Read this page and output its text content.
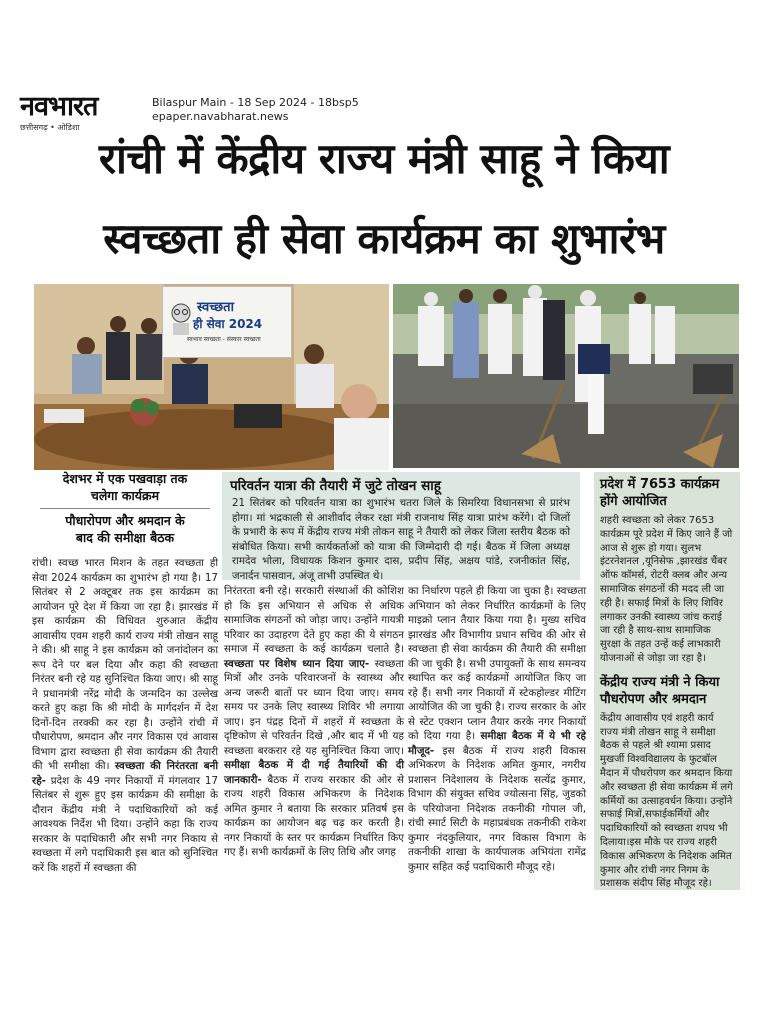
नवभारत
छत्तीसगढ़ • ओडिशा
Bilaspur Main - 18 Sep 2024 - 18bsp5
epaper.navabharat.news
रांची में केंद्रीय राज्य मंत्री साहू ने किया
स्वच्छता ही सेवा कार्यक्रम का शुभारंभ
स्वच्छता
ही सेवा 2024
स्वभाव स्वच्छता - संस्कार स्वच्छता
देशभर में एक पखवाड़ा तक
चलेगा कार्यक्रम
पौधारोपण और श्रमदान के
बाद की समीक्षा बैठक
रांची। स्वच्छ भारत मिशन के तहत स्वच्छता ही सेवा 2024 कार्यक्रम का शुभारंभ हो गया है। 17 सितंबर से 2 अक्टूबर तक इस कार्यक्रम का आयोजन पूरे देश में किया जा रहा है। झारखंड में इस कार्यक्रम की विधिवत शुरुआत केंद्रीय आवासीय एवम शहरी कार्य राज्य मंत्री तोखन साहू ने की। श्री साहू ने इस कार्यक्रम को जनांदोलन का रूप देने पर बल दिया और कहा की स्वच्छता निरंतर बनी रहे यह सुनिश्चित किया जाए। श्री साहू ने प्रधानमंत्री नरेंद्र मोदी के जन्मदिन का उल्लेख करते हुए कहा कि श्री मोदी के मार्गदर्शन में देश दिनों-दिन तरक्की कर रहा है। उन्होंने रांची में पौधारोपण, श्रमदान और नगर विकास एवं आवास विभाग द्वारा स्वच्छता ही सेवा कार्यक्रम की तैयारी की भी समीक्षा की। स्वच्छता की निरंतरता बनी रहे- प्रदेश के 49 नगर निकायों में मंगलवार 17 सितंबर से शुरू हुए इस कार्यक्रम की समीक्षा के दौरान केंद्रीय मंत्री ने पदाधिकारियों को कई आवश्यक निर्देश भी दिया। उन्होंने कहा कि राज्य सरकार के पदाधिकारी और सभी नगर निकाय से स्वच्छता में लगे पदाधिकारी इस बात को सुनिश्चित करें कि शहरों में स्वच्छता की
परिवर्तन यात्रा की तैयारी में जुटे तोखन साहू
21 सितंबर को परिवर्तन यात्रा का शुभारंभ चतरा जिले के सिमरिया विधानसभा से प्रारंभ होगा। मां भद्रकाली से आशीर्वाद लेकर रक्षा मंत्री राजनाथ सिंह यात्रा प्रारंभ करेंगे। दो जिलों के प्रभारी के रूप में केंद्रीय राज्य मंत्री तोकन साहू ने तैयारी को लेकर जिला स्तरीय बैठक को संबोधित किया। सभी कार्यकर्ताओं को यात्रा की जिम्मेदारी दी गई। बैठक में जिला अध्यक्ष रामदेव भोला, विधायक किशन कुमार दास, प्रदीप सिंह, अक्षय पांडे, रजनीकांत सिंह, जनार्दन पासवान, अंजू ताभी उपस्थित थे।
निरंतरता बनी रहे। सरकारी संस्थाओं की कोशिश हो कि इस अभियान से अधिक से अधिक सामाजिक संगठनों को जोड़ा जाए। उन्होंने गायत्री परिवार का उदाहरण देते हुए कहा की ये संगठन समाज में स्वच्छता के कई कार्यक्रम चलाते है। स्वच्छता पर विशेष ध्यान दिया जाए- स्वच्छता मित्रों और उनके परिवारजनों के स्वास्थ्य और अन्य जरूरी बातों पर ध्यान दिया जाए। समय समय पर उनके लिए स्वास्थ्य शिविर भी लगाया जाए। इन पंद्रह दिनों में शहरों में स्वच्छता के दृष्टिकोण से परिवर्तन दिखे ,और बाद में भी यह स्वच्छता बरकरार रहे यह सुनिश्चित किया जाए। समीक्षा बैठक में दी गई तैयारियों की दी जानकारी- बैठक में राज्य सरकार की ओर से राज्य शहरी विकास अभिकरण के निदेशक अमित कुमार ने बताया कि सरकार प्रतिवर्ष इस कार्यक्रम का आयोजन बढ़ चढ़ कर करती है। नगर निकायों के स्तर पर कार्यक्रम निर्धारित किए गए हैं। सभी कार्यक्रमों के लिए तिथि और जगह
का निर्धारण पहले ही किया जा चुका है। स्वच्छता अभियान को लेकर निर्धारित कार्यक्रमों के लिए माइक्रो प्लान तैयार किया गया है। मुख्य सचिव झारखंड और विभागीय प्रधान सचिव की ओर से स्वच्छता ही सेवा कार्यक्रम की तैयारी की समीक्षा की जा चुकी है। सभी उपायुक्तों के साथ समन्वय स्थापित कर कई कार्यक्रमों आयोजित किए जा रहे हैं। सभी नगर निकायों में स्टेकहोल्डर मीटिंग आयोजित की जा चुकी है। राज्य सरकार के ओर से स्टेट एक्शन प्लान तैयार करके नगर निकायों को दिया गया है। समीक्षा बैठक में ये भी रहे मौजूद- इस बैठक में राज्य शहरी विकास अभिकरण के निदेशक अमित कुमार, नगरीय प्रशासन निदेशालय के निदेशक सत्येंद्र कुमार, विभाग की संयुक्त सचिव ज्योत्सना सिंह, जुडको के परियोजना निदेशक तकनीकी गोपाल जी, रांची स्मार्ट सिटी के महाप्रबंधक तकनीकी राकेश कुमार नंदकुलियार, नगर विकास विभाग के तकनीकी शाखा के कार्यपालक अभियंता रामेंद्र कुमार सहित कई पदाधिकारी मौजूद रहे।
प्रदेश में 7653 कार्यक्रम होंगे आयोजित
शहरी स्वच्छता को लेकर 7653 कार्यक्रम पूरे प्रदेश में किए जाने हैं जो आज से शुरू हो गया। सुलभ इंटरनेशनल ,यूनिसेफ ,झारखंड चैंबर ऑफ कॉमर्स, रोटरी क्लब और अन्य सामाजिक संगठनों की मदद ली जा रही है। सफाई मित्रों के लिए शिविर लगाकर उनकी स्वास्थ्य जांच कराई जा रही है साथ-साथ सामाजिक सुरक्षा के तहत उन्हें कई लाभकारी योजनाओं से जोड़ा जा रहा है।
केंद्रीय राज्य मंत्री ने किया पौधरोपण और श्रमदान
केंद्रीय आवासीय एवं शहरी कार्य राज्य मंत्री तोखन साहू ने समीक्षा बैठक से पहले श्री श्यामा प्रसाद मुखर्जी विश्वविद्यालय के फुटबॉल मैदान में पौधरोपण कर श्रमदान किया और स्वच्छता ही सेवा कार्यक्रम में लगे कर्मियों का उत्साहवर्धन किया। उन्होंने सफाई मित्रों,सफाईकर्मियों और पदाधिकारियों को स्वच्छता शपथ भी दिलाया।इस मौके पर राज्य शहरी विकास अभिकरण के निदेशक अमित कुमार और रांची नगर निगम के प्रशासक संदीप सिंह मौजूद रहे।
